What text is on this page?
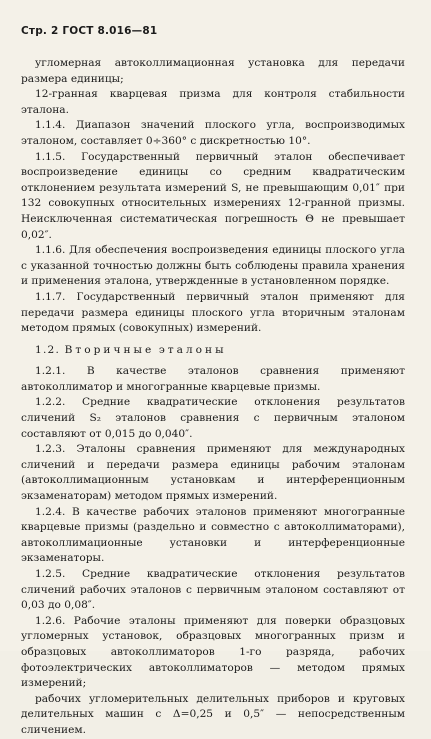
Стр. 2 ГОСТ 8.016—81

угломерная автоколлимационная установка для передачи размера единицы;

12-гранная кварцевая призма для контроля стабильности эталона.

1.1.4. Диапазон значений плоского угла, воспроизводимых эталоном, составляет 0÷360° с дискретностью 10°.

1.1.5. Государственный первичный эталон обеспечивает воспроизведение единицы со средним квадратическим отклонением результата измерений S, не превышающим 0,01″ при 132 совокупных относительных измерениях 12-гранной призмы. Неисключенная систематическая погрешность Θ не превышает 0,02″.

1.1.6. Для обеспечения воспроизведения единицы плоского угла с указанной точностью должны быть соблюдены правила хранения и применения эталона, утвержденные в установленном порядке.

1.1.7. Государственный первичный эталон применяют для передачи размера единицы плоского угла вторичным эталонам методом прямых (совокупных) измерений.

1.2. Вторичные эталоны

1.2.1. В качестве эталонов сравнения применяют автоколлиматор и многогранные кварцевые призмы.

1.2.2. Средние квадратические отклонения результатов сличений S₂ эталонов сравнения с первичным эталоном составляют от 0,015 до 0,040″.

1.2.3. Эталоны сравнения применяют для международных сличений и передачи размера единицы рабочим эталонам (автоколлимационным установкам и интерференционным экзаменаторам) методом прямых измерений.

1.2.4. В качестве рабочих эталонов применяют многогранные кварцевые призмы (раздельно и совместно с автоколлиматорами), автоколлимационные установки и интерференционные экзаменаторы.

1.2.5. Средние квадратические отклонения результатов сличений рабочих эталонов с первичным эталоном составляют от 0,03 до 0,08″.

1.2.6. Рабочие эталоны применяют для поверки образцовых угломерных установок, образцовых многогранных призм и образцовых автоколлиматоров 1-го разряда, рабочих фотоэлектрических автоколлиматоров — методом прямых измерений;

рабочих угломерительных делительных приборов и круговых делительных машин с Δ=0,25 и 0,5″ — непосредственным сличением.
